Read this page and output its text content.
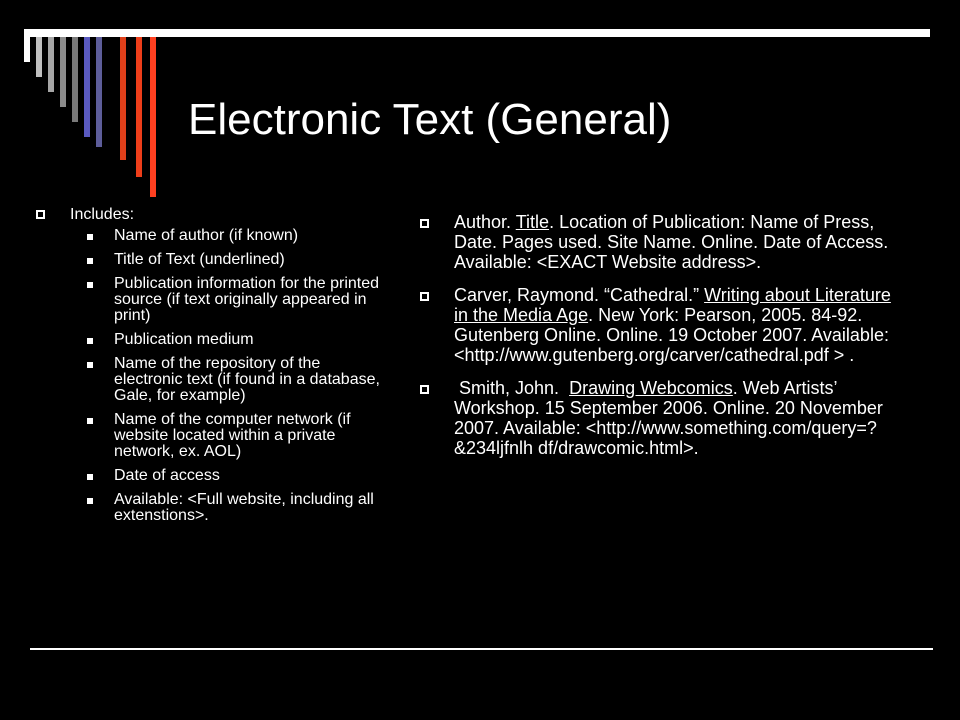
Electronic Text (General)
Includes:
Name of author (if known)
Title of Text (underlined)
Publication information for the printed source (if text originally appeared in print)
Publication medium
Name of the repository of the electronic text (if found in a database, Gale, for example)
Name of the computer network (if website located within a private network, ex. AOL)
Date of access
Available: <Full website, including all extenstions>.
Author. Title. Location of Publication: Name of Press, Date. Pages used. Site Name. Online. Date of Access. Available: <EXACT Website address>.
Carver, Raymond. “Cathedral.” Writing about Literature in the Media Age. New York: Pearson, 2005. 84-92. Gutenberg Online. Online. 19 October 2007. Available: <http://www.gutenberg.org/carver/cathedral.pdf > .
Smith, John.  Drawing Webcomics. Web Artists’ Workshop. 15 September 2006. Online. 20 November 2007. Available: <http://www.something.com/query=?&234ljfnlh df/drawcomic.html>.
